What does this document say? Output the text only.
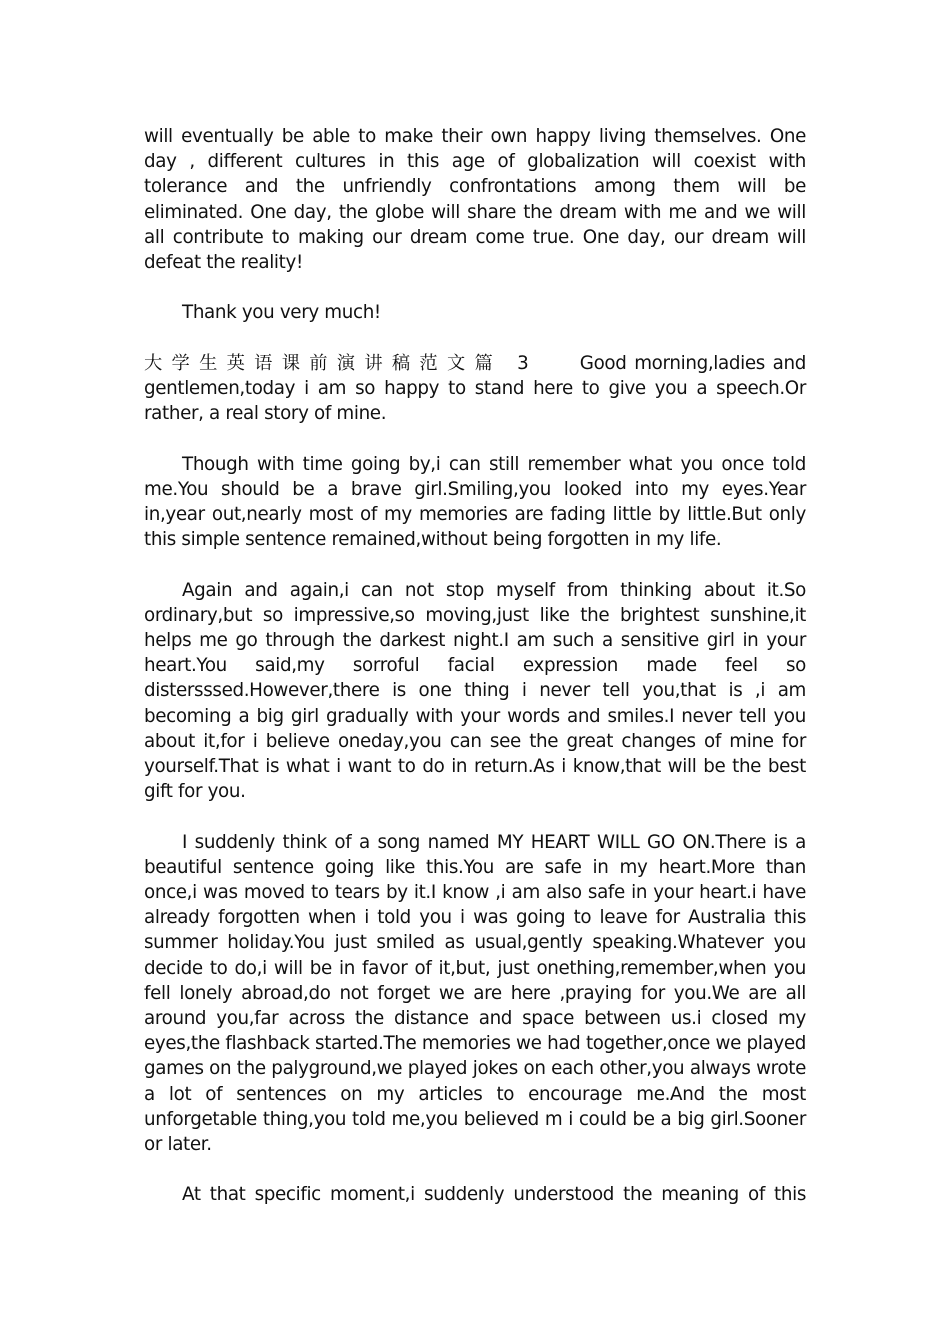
will eventually be able to make their own happy living themselves. One day , different cultures in this age of globalization will coexist with tolerance and the unfriendly confrontations among them will be eliminated. One day, the globe will share the dream with me and we will all contribute to making our dream come true. One day, our dream will defeat the reality!

Thank you very much!

大学生英语课前演讲稿范文篇 3 Good morning,ladies and gentlemen,today i am so happy to stand here to give you a speech.Or rather, a real story of mine.

Though with time going by,i can still remember what you once told me.You should be a brave girl.Smiling,you looked into my eyes.Year in,year out,nearly most of my memories are fading little by little.But only this simple sentence remained,without being forgotten in my life.

Again and again,i can not stop myself from thinking about it.So ordinary,but so impressive,so moving,just like the brightest sunshine,it helps me go through the darkest night.I am such a sensitive girl in your heart.You said,my sorroful facial expression made feel so distersssed.However,there is one thing i never tell you,that is ,i am becoming a big girl gradually with your words and smiles.I never tell you about it,for i believe oneday,you can see the great changes of mine for yourself.That is what i want to do in return.As i know,that will be the best gift for you.

I suddenly think of a song named MY HEART WILL GO ON.There is a beautiful sentence going like this.You are safe in my heart.More than once,i was moved to tears by it.I know ,i am also safe in your heart.i have already forgotten when i told you i was going to leave for Australia this summer holiday.You just smiled as usual,gently speaking.Whatever you decide to do,i will be in favor of it,but, just onething,remember,when you fell lonely abroad,do not forget we are here ,praying for you.We are all around you,far across the distance and space between us.i closed my eyes,the flashback started.The memories we had together,once we played games on the palyground,we played jokes on each other,you always wrote a lot of sentences on my articles to encourage me.And the most unforgetable thing,you told me,you believed m i could be a big girl.Sooner or later.

At that specific moment,i suddenly understood the meaning of this
